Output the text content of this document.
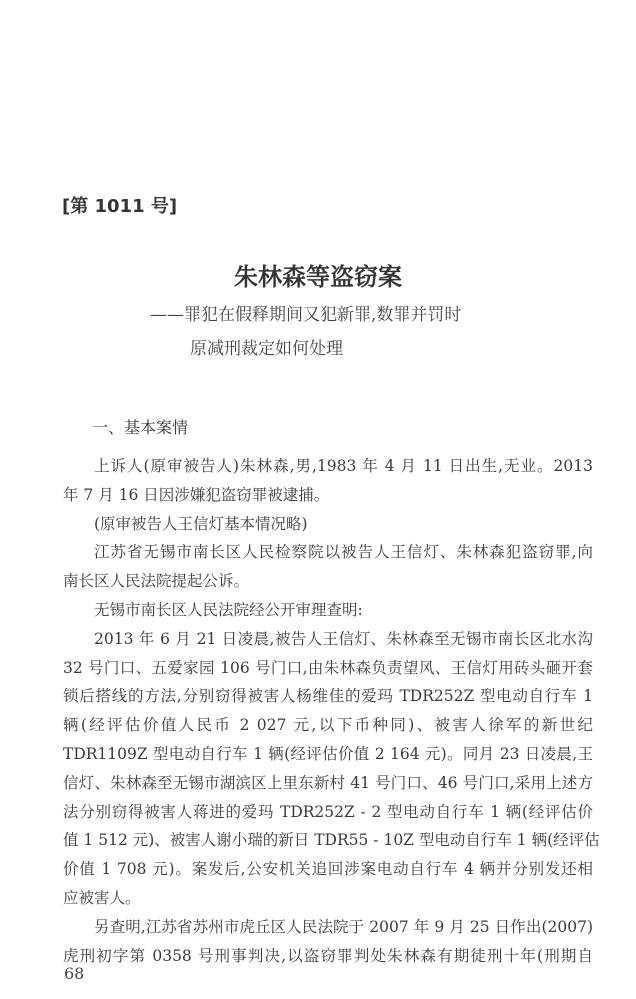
[第 1011 号]
朱林森等盗窃案
——罪犯在假释期间又犯新罪,数罪并罚时
原减刑裁定如何处理
一、基本案情
上诉人(原审被告人)朱林森,男,1983 年 4 月 11 日出生,无业。2013
年 7 月 16 日因涉嫌犯盗窃罪被逮捕。
(原审被告人王信灯基本情况略)
江苏省无锡市南长区人民检察院以被告人王信灯、朱林森犯盗窃罪,向
南长区人民法院提起公诉。
无锡市南长区人民法院经公开审理查明:
2013 年 6 月 21 日凌晨,被告人王信灯、朱林森至无锡市南长区北水沟
32 号门口、五爱家园 106 号门口,由朱林森负责望风、王信灯用砖头砸开套
锁后搭线的方法,分别窃得被害人杨维佳的爱玛 TDR252Z 型电动自行车 1
辆(经评估价值人民币 2 027 元,以下币种同)、被害人徐军的新世纪
TDR1109Z 型电动自行车 1 辆(经评估价值 2 164 元)。同月 23 日凌晨,王
信灯、朱林森至无锡市湖滨区上里东新村 41 号门口、46 号门口,采用上述方
法分别窃得被害人蒋进的爱玛 TDR252Z - 2 型电动自行车 1 辆(经评估价
值 1 512 元)、被害人谢小瑞的新日 TDR55 - 10Z 型电动自行车 1 辆(经评估
价值 1 708 元)。案发后,公安机关追回涉案电动自行车 4 辆并分别发还相
应被害人。
另查明,江苏省苏州市虎丘区人民法院于 2007 年 9 月 25 日作出(2007)
虎刑初字第 0358 号刑事判决,以盗窃罪判处朱林森有期徒刑十年(刑期自
68
